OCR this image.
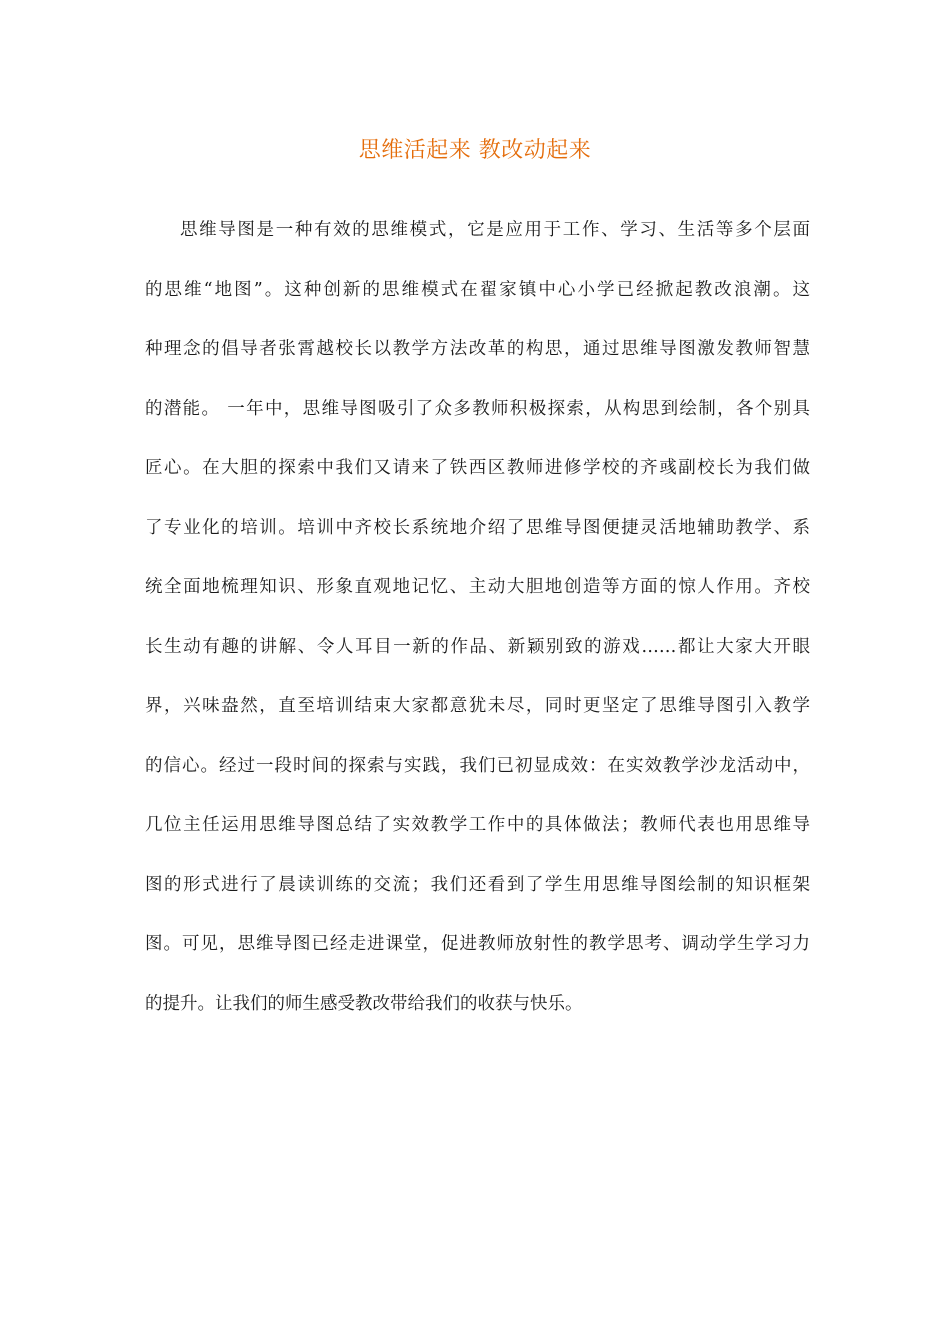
思维活起来 教改动起来
思维导图是一种有效的思维模式，它是应用于工作、学习、生活等多个层面
的思维“地图”。这种创新的思维模式在翟家镇中心小学已经掀起教改浪潮。这
种理念的倡导者张霄越校长以教学方法改革的构思，通过思维导图激发教师智慧
的潜能。 一年中，思维导图吸引了众多教师积极探索，从构思到绘制，各个别具
匠心。在大胆的探索中我们又请来了铁西区教师进修学校的齐彧副校长为我们做
了专业化的培训。培训中齐校长系统地介绍了思维导图便捷灵活地辅助教学、系
统全面地梳理知识、形象直观地记忆、主动大胆地创造等方面的惊人作用。齐校
长生动有趣的讲解、令人耳目一新的作品、新颖别致的游戏……都让大家大开眼
界，兴味盎然，直至培训结束大家都意犹未尽，同时更坚定了思维导图引入教学
的信心。经过一段时间的探索与实践，我们已初显成效：在实效教学沙龙活动中，
几位主任运用思维导图总结了实效教学工作中的具体做法；教师代表也用思维导
图的形式进行了晨读训练的交流；我们还看到了学生用思维导图绘制的知识框架
图。可见，思维导图已经走进课堂，促进教师放射性的教学思考、调动学生学习力
的提升。让我们的师生感受教改带给我们的收获与快乐。
